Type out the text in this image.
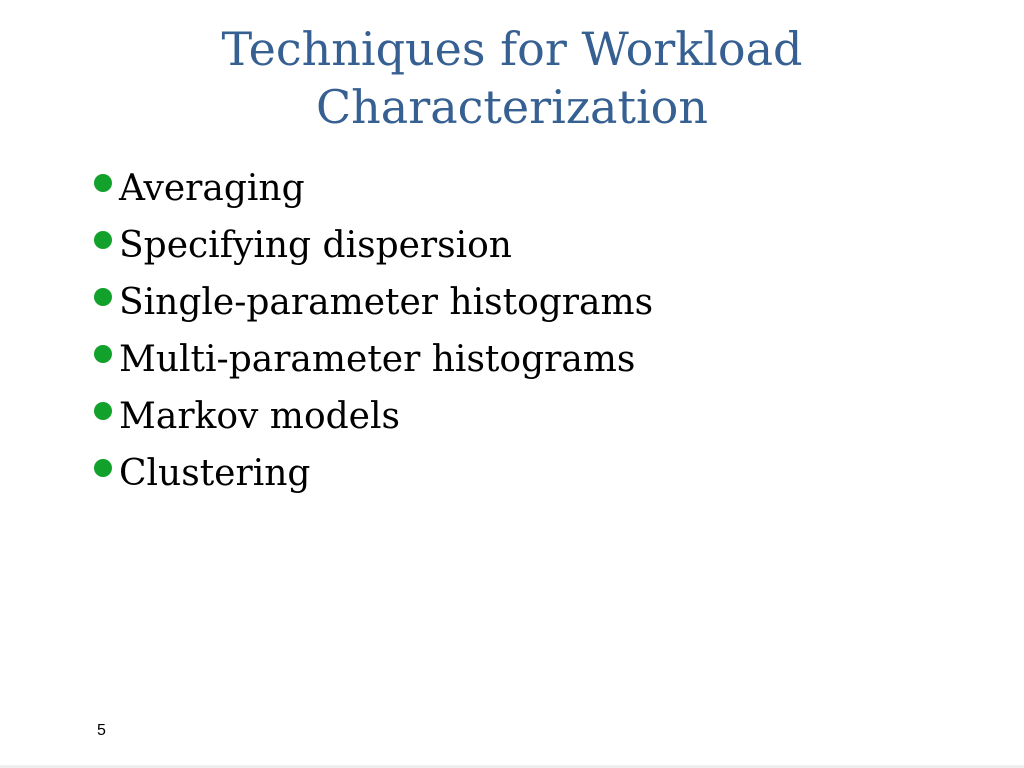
Techniques for Workload
Characterization
Averaging
Specifying dispersion
Single-parameter histograms
Multi-parameter histograms
Markov models
Clustering
5
